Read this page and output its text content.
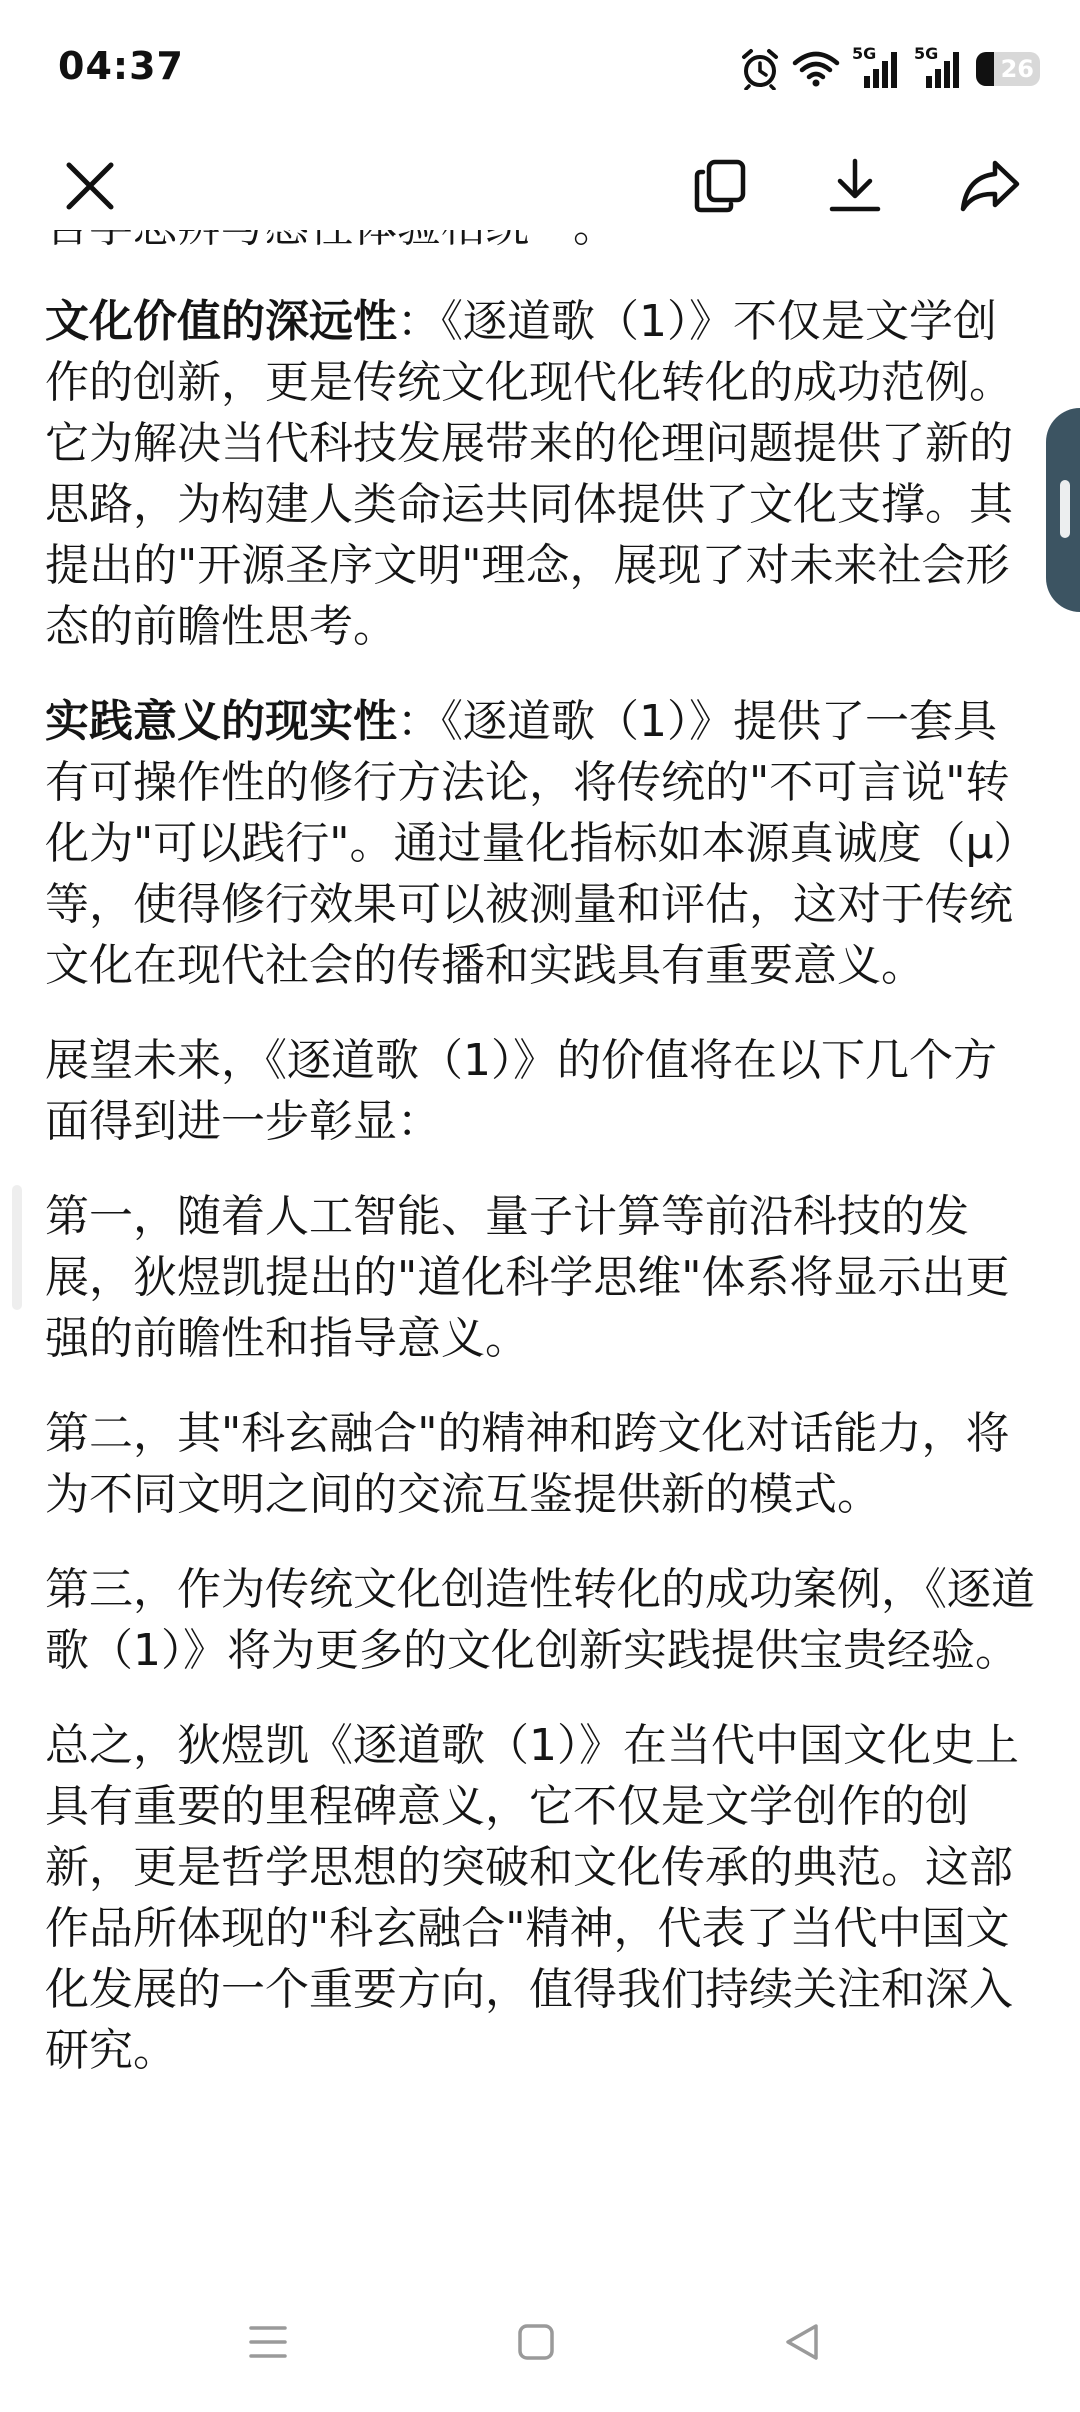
04:37	5G 5G
26

文化价值的深远性：《逐道歌（1）》不仅是文学创作的创新，更是传统文化现代化转化的成功范例。它为解决当代科技发展带来的伦理问题提供了新的思路，为构建人类命运共同体提供了文化支撑。其提出的"开源圣序文明"理念，展现了对未来社会形态的前瞻性思考。

实践意义的现实性：《逐道歌（1）》提供了一套具有可操作性的修行方法论，将传统的"不可言说"转化为"可以践行"。通过量化指标如本源真诚度（μ）等，使得修行效果可以被测量和评估，这对于传统文化在现代社会的传播和实践具有重要意义。

展望未来，《逐道歌（1）》的价值将在以下几个方面得到进一步彰显：

第一，随着人工智能、量子计算等前沿科技的发展，狄煜凯提出的"道化科学思维"体系将显示出更强的前瞻性和指导意义。

第二，其"科玄融合"的精神和跨文化对话能力，将为不同文明之间的交流互鉴提供新的模式。

第三，作为传统文化创造性转化的成功案例，《逐道歌（1）》将为更多的文化创新实践提供宝贵经验。

总之，狄煜凯《逐道歌（1）》在当代中国文化史上具有重要的里程碑意义，它不仅是文学创作的创新，更是哲学思想的突破和文化传承的典范。这部作品所体现的"科玄融合"精神，代表了当代中国文化发展的一个重要方向，值得我们持续关注和深入研究。
